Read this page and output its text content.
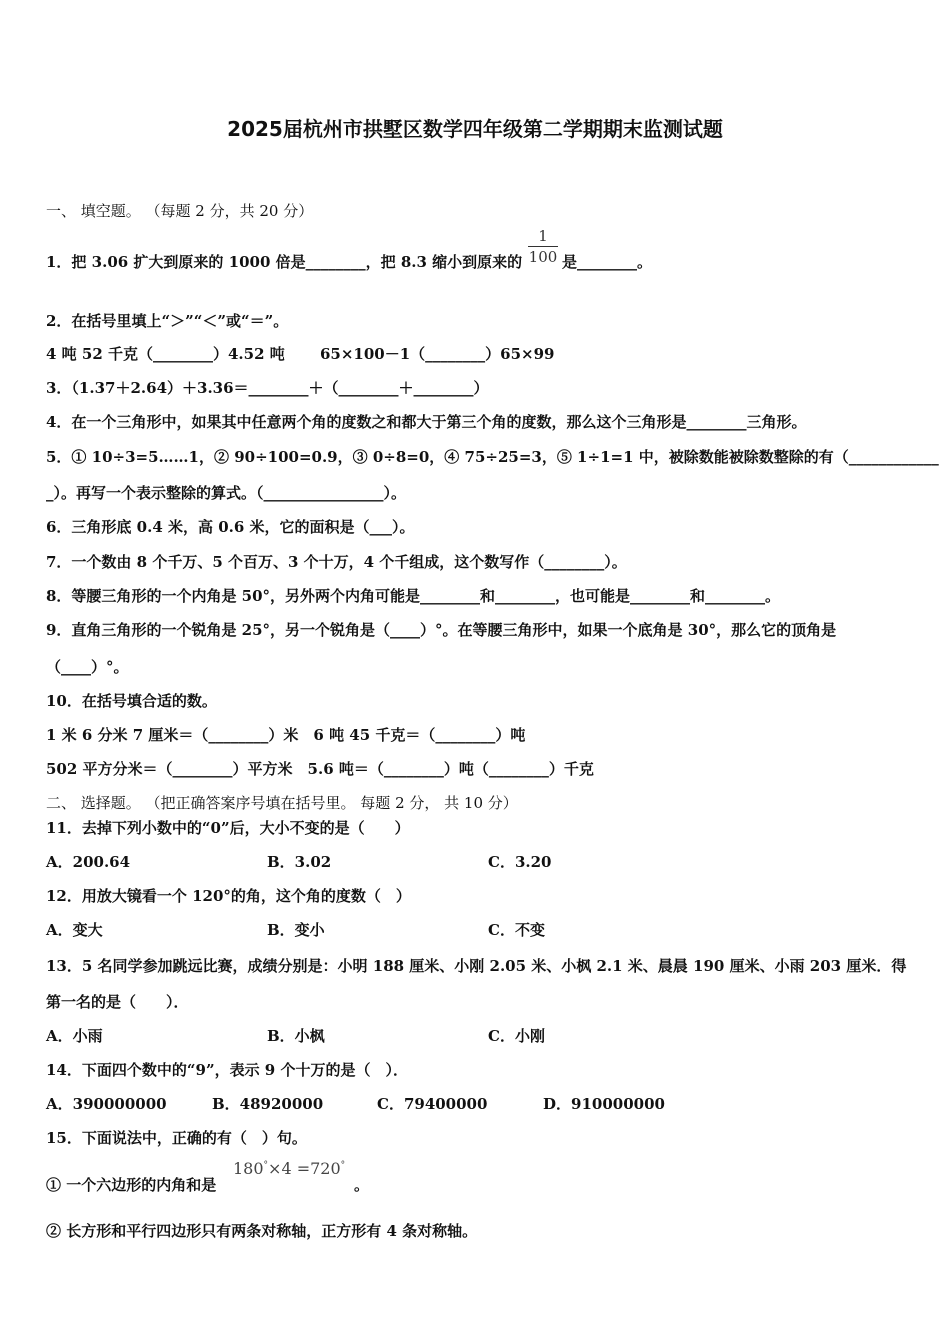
2025届杭州市拱墅区数学四年级第二学期期末监测试题
一、 填空题。 （每题 2 分，共 20 分）
1．把 3.06 扩大到原来的 1000 倍是________，把 8.3 缩小到原来的
1
100 是________。
2．在括号里填上“＞”“＜”或“＝”。
4 吨 52 千克（________）4.52 吨　　 65×100－1（________）65×99
3．（1.37＋2.64）＋3.36＝________＋（________＋________）
4．在一个三角形中，如果其中任意两个角的度数之和都大于第三个角的度数，那么这个三角形是________三角形。
5．① 10÷3=5……1，② 90÷100=0.9，③ 0÷8=0，④ 75÷25=3，⑤ 1÷1=1 中，被除数能被除数整除的有（____________
_）。再写一个表示整除的算式。（________________）。
6．三角形底 0.4 米，高 0.6 米，它的面积是（___）。
7．一个数由 8 个千万、5 个百万、3 个十万，4 个千组成，这个数写作（________）。
8．等腰三角形的一个内角是 50°，另外两个内角可能是________和________，也可能是________和________。
9．直角三角形的一个锐角是 25°，另一个锐角是（____）°。在等腰三角形中，如果一个底角是 30°，那么它的顶角是
（____）°。
10．在括号填合适的数。
1 米 6 分米 7 厘米＝（________）米　6 吨 45 千克＝（________）吨
502 平方分米＝（________）平方米　5.6 吨＝（________）吨（________）千克
二、 选择题。 （把正确答案序号填在括号里。 每题 2 分， 共 10 分）
11．去掉下列小数中的“0”后，大小不变的是（　　）
A．200.64	B．3.02	C．3.20
12．用放大镜看一个 120°的角，这个角的度数（　）
A．变大	B．变小	C．不变
13．5 名同学参加跳远比赛，成绩分别是：小明 188 厘米、小刚 2.05 米、小枫 2.1 米、晨晨 190 厘米、小雨 203 厘米．得
第一名的是（　　）．
A．小雨	B．小枫	C．小刚
14．下面四个数中的“9”，表示 9 个十万的是（　）．
A．390000000	B．48920000	C．79400000	D．910000000
15．下面说法中，正确的有（　）句。
① 一个六边形的内角和是
180°×4 =720°
。
② 长方形和平行四边形只有两条对称轴，正方形有 4 条对称轴。
